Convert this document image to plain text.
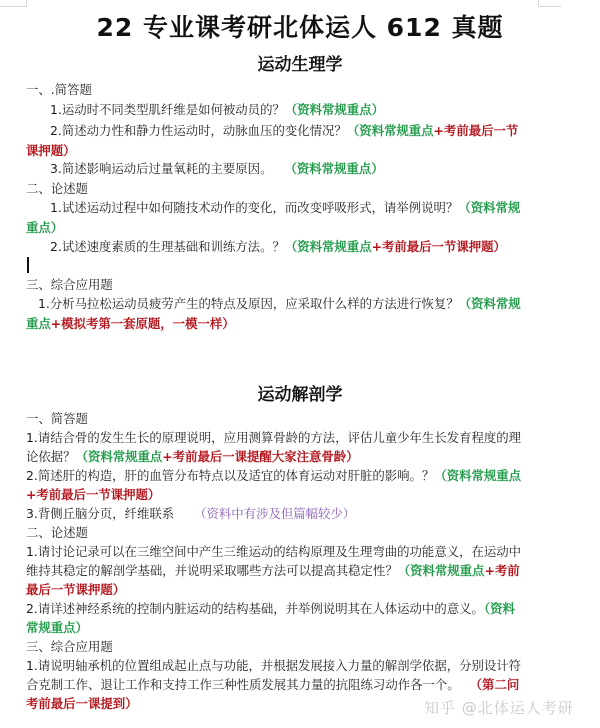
22 专业课考研北体运人 612 真题
运动生理学
一、.简答题
1.运动时不同类型肌纤维是如何被动员的？（资料常规重点）
2.简述动力性和静力性运动时，动脉血压的变化情况？（资料常规重点+考前最后一节
课押题）
3.简述影响运动后过量氧耗的主要原因。 （资料常规重点）
二、论述题
1.试述运动过程中如何随技术动作的变化，而改变呼吸形式，请举例说明？（资料常规
重点）
2.试述速度素质的生理基础和训练方法。？（资料常规重点+考前最后一节课押题）
三、综合应用题
1.分析马拉松运动员疲劳产生的特点及原因，应采取什么样的方法进行恢复？（资料常规
重点+模拟考第一套原题，一模一样）
运动解剖学
一、简答题
1.请结合骨的发生生长的原理说明，应用测算骨龄的方法，评估儿童少年生长发育程度的理
论依据？（资料常规重点+考前最后一课提醒大家注意骨龄）
2.简述肝的构造，肝的血管分布特点以及适宜的体育运动对肝脏的影响。？（资料常规重点
+考前最后一节课押题）
3.背侧丘脑分页，纤维联系 （资料中有涉及但篇幅较少）
二、论述题
1.请讨论记录可以在三维空间中产生三维运动的结构原理及生理弯曲的功能意义，在运动中
维持其稳定的解剖学基础，并说明采取哪些方法可以提高其稳定性？（资料常规重点+考前
最后一节课押题）
2.请详述神经系统的控制内脏运动的结构基础，并举例说明其在人体运动中的意义。（资料
常规重点）
三、综合应用题
1.请说明轴承机的位置组成起止点与功能，并根据发展接入力量的解剖学依据，分别设计符
合克制工作、退让工作和支持工作三种性质发展其力量的抗阻练习动作各一个。 （第二问
考前最后一课提到）	知乎 @北体运人考研
